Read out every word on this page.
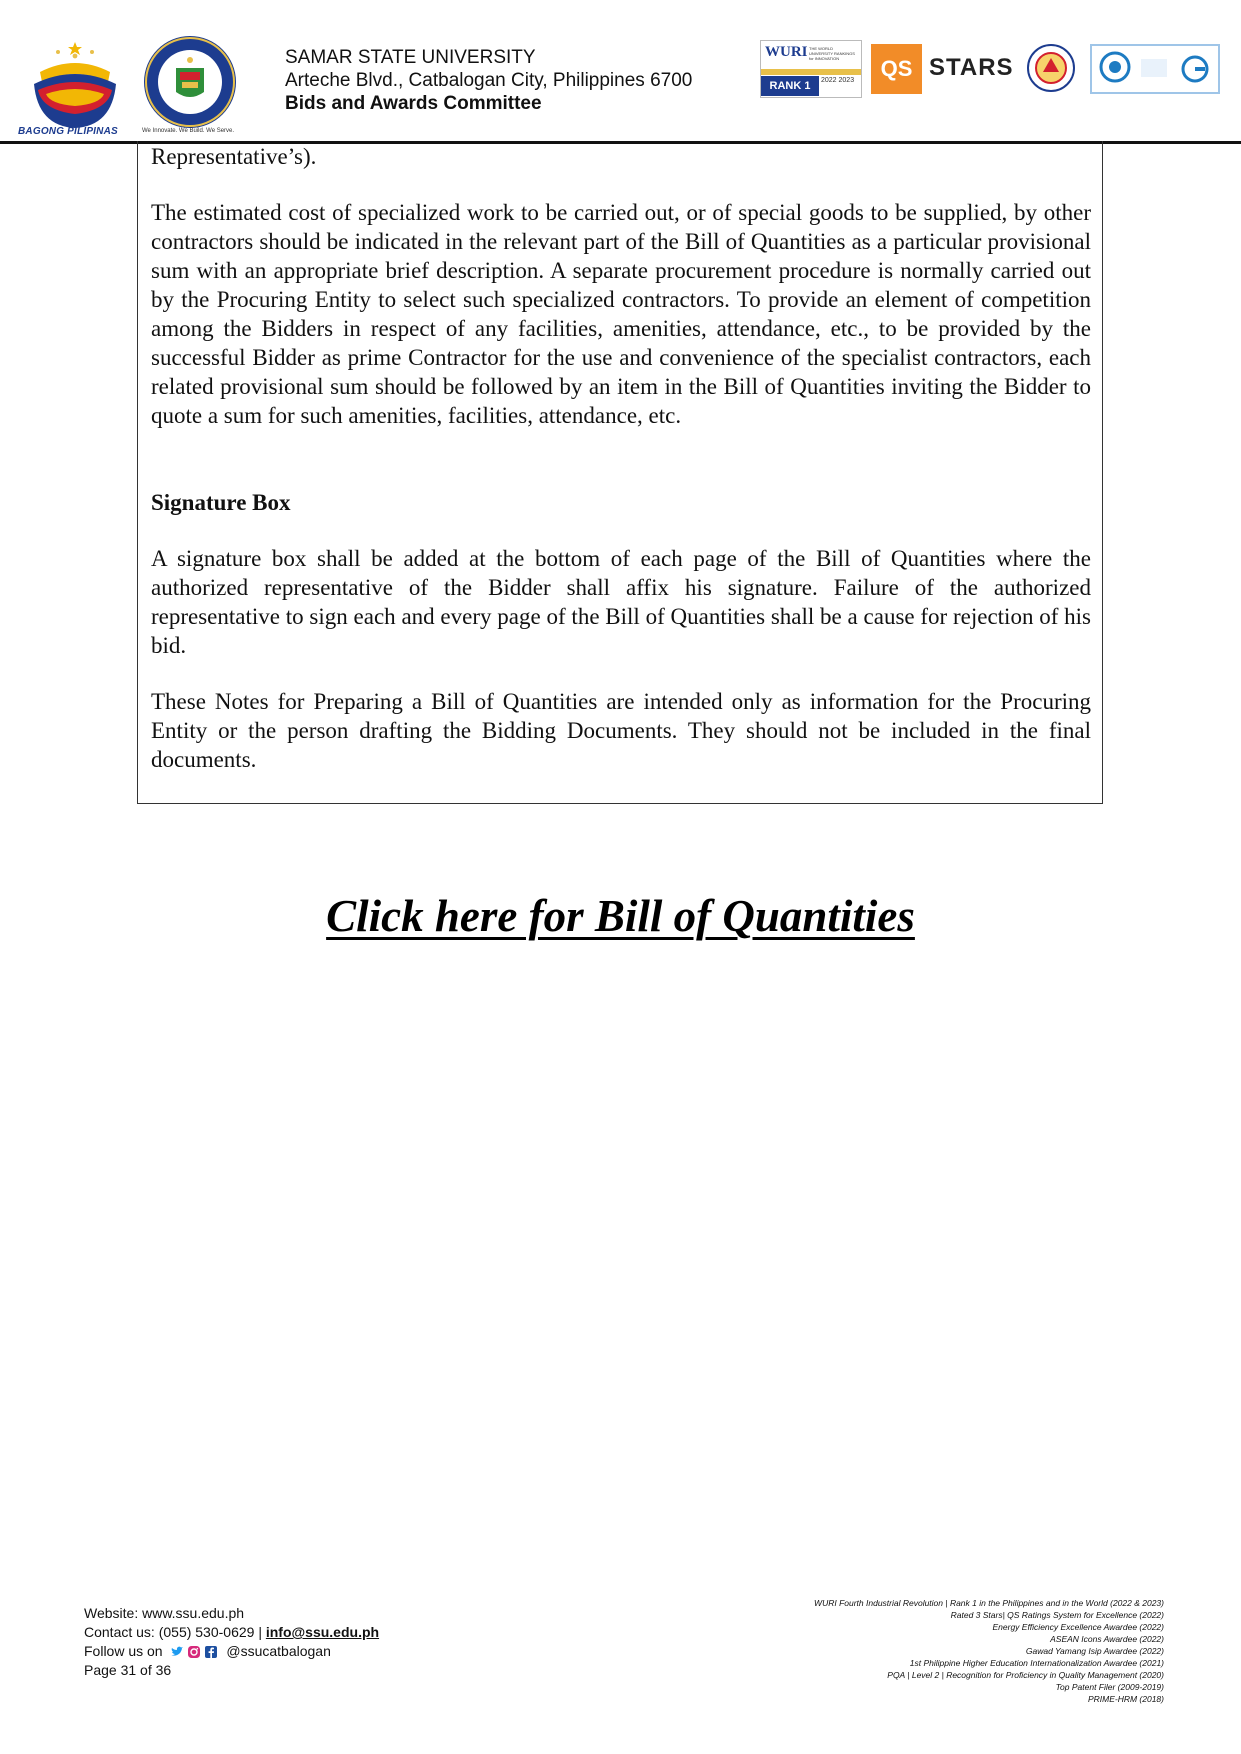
BAGONG PILIPINAS	We Innovate. We Build. We Serve.
SAMAR STATE UNIVERSITY
Arteche Blvd., Catbalogan City, Philippines 6700
Bids and Awards Committee
WURI THE WORLD UNIVERSITY RANKINGS for INNOVATION
RANK 1	2022 2023	QS STARS

Representative’s).

The estimated cost of specialized work to be carried out, or of special goods to be supplied, by other contractors should be indicated in the relevant part of the Bill of Quantities as a particular provisional sum with an appropriate brief description. A separate procurement procedure is normally carried out by the Procuring Entity to select such specialized contractors. To provide an element of competition among the Bidders in respect of any facilities, amenities, attendance, etc., to be provided by the successful Bidder as prime Contractor for the use and convenience of the specialist contractors, each related provisional sum should be followed by an item in the Bill of Quantities inviting the Bidder to quote a sum for such amenities, facilities, attendance, etc.

Signature Box

A signature box shall be added at the bottom of each page of the Bill of Quantities where the authorized representative of the Bidder shall affix his signature. Failure of the authorized representative to sign each and every page of the Bill of Quantities shall be a cause for rejection of his bid.

These Notes for Preparing a Bill of Quantities are intended only as information for the Procuring Entity or the person drafting the Bidding Documents. They should not be included in the final documents.

Click here for Bill of Quantities
Website: www.ssu.edu.ph
Contact us: (055) 530-0629 | info@ssu.edu.ph
Follow us on	@ssucatbalogan
Page 31 of 36
WURI Fourth Industrial Revolution | Rank 1 in the Philippines and in the World (2022 & 2023)
Rated 3 Stars| QS Ratings System for Excellence (2022)
Energy Efficiency Excellence Awardee (2022)
ASEAN Icons Awardee (2022)
Gawad Yamang Isip Awardee (2022)
1st Philippine Higher Education Internationalization Awardee (2021)
PQA | Level 2 | Recognition for Proficiency in Quality Management (2020)
Top Patent Filer (2009-2019)
PRIME-HRM (2018)
